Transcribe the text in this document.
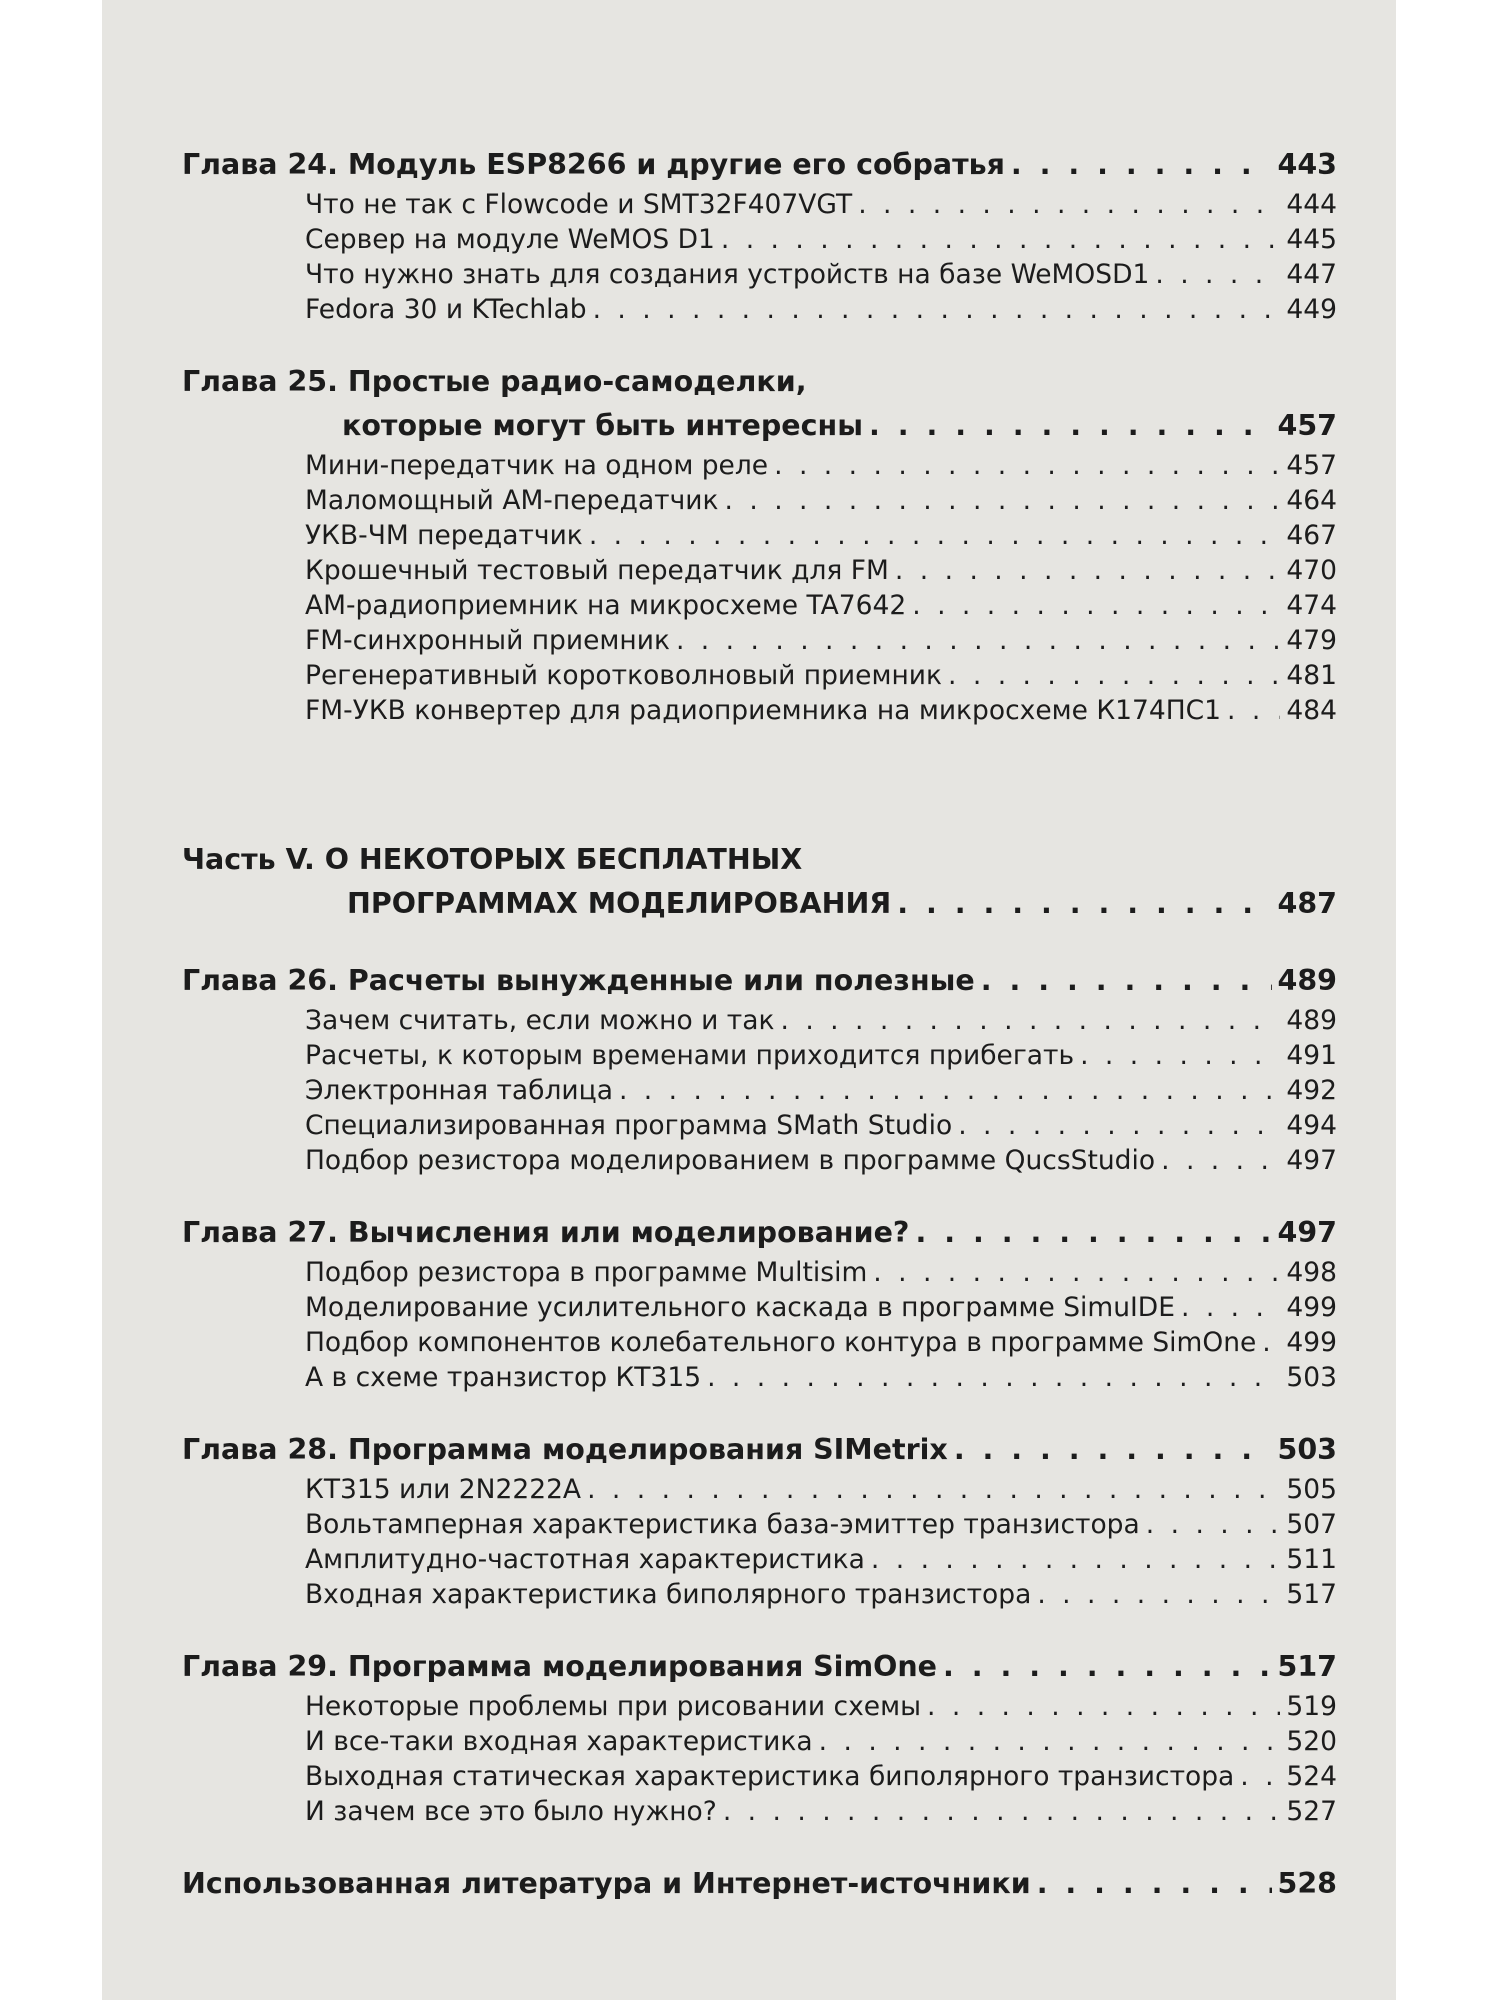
Глава 24. Модуль ESP8266 и другие его собратья . . .	443
Что не так с Flowcode и SMT32F407VGT . . .	444
Сервер на модуле WeMOS D1 . . .	445
Что нужно знать для создания устройств на базе WeMOSD1 . . .	447
Fedora 30 и KTechlab . . .	449
Глава 25. Простые радио-самоделки,
которые могут быть интересны . . .	457
Мини-передатчик на одном реле . . .	457
Маломощный АМ-передатчик . . .	464
УКВ-ЧМ передатчик . . .	467
Крошечный тестовый передатчик для FM . . .	470
AM-радиоприемник на микросхеме TA7642 . . .	474
FM-синхронный приемник . . .	479
Регенеративный коротковолновый приемник . . .	481
FM-УКВ конвертер для радиоприемника на микросхеме К174ПС1 . . . 484
Часть V. О НЕКОТОРЫХ БЕСПЛАТНЫХ
ПРОГРАММАХ МОДЕЛИРОВАНИЯ . . .	487
Глава 26. Расчеты вынужденные или полезные . . .	489
Зачем считать, если можно и так . . .	489
Расчеты, к которым временами приходится прибегать . . .	491
Электронная таблица . . .	492
Специализированная программа SMath Studio . . .	494
Подбор резистора моделированием в программе QucsStudio . . .	497
Глава 27. Вычисления или моделирование? . . .	497
Подбор резистора в программе Multisim . . .	498
Моделирование усилительного каскада в программе SimuIDE . . .	499
Подбор компонентов колебательного контура в программе SimOne . . . 499
А в схеме транзистор КТ315 . . .	503
Глава 28. Программа моделирования SIMetrix . . .	503
КТ315 или 2N2222A . . .	505
Вольтамперная характеристика база-эмиттер транзистора . . .	507
Амплитудно-частотная характеристика . . .	511
Входная характеристика биполярного транзистора . . .	517
Глава 29. Программа моделирования SimOne . . .	517
Некоторые проблемы при рисовании схемы . . .	519
И все-таки входная характеристика . . .	520
Выходная статическая характеристика биполярного транзистора . . . 524
И зачем все это было нужно? . . .	527
Использованная литература и Интернет-источники . . .	528
